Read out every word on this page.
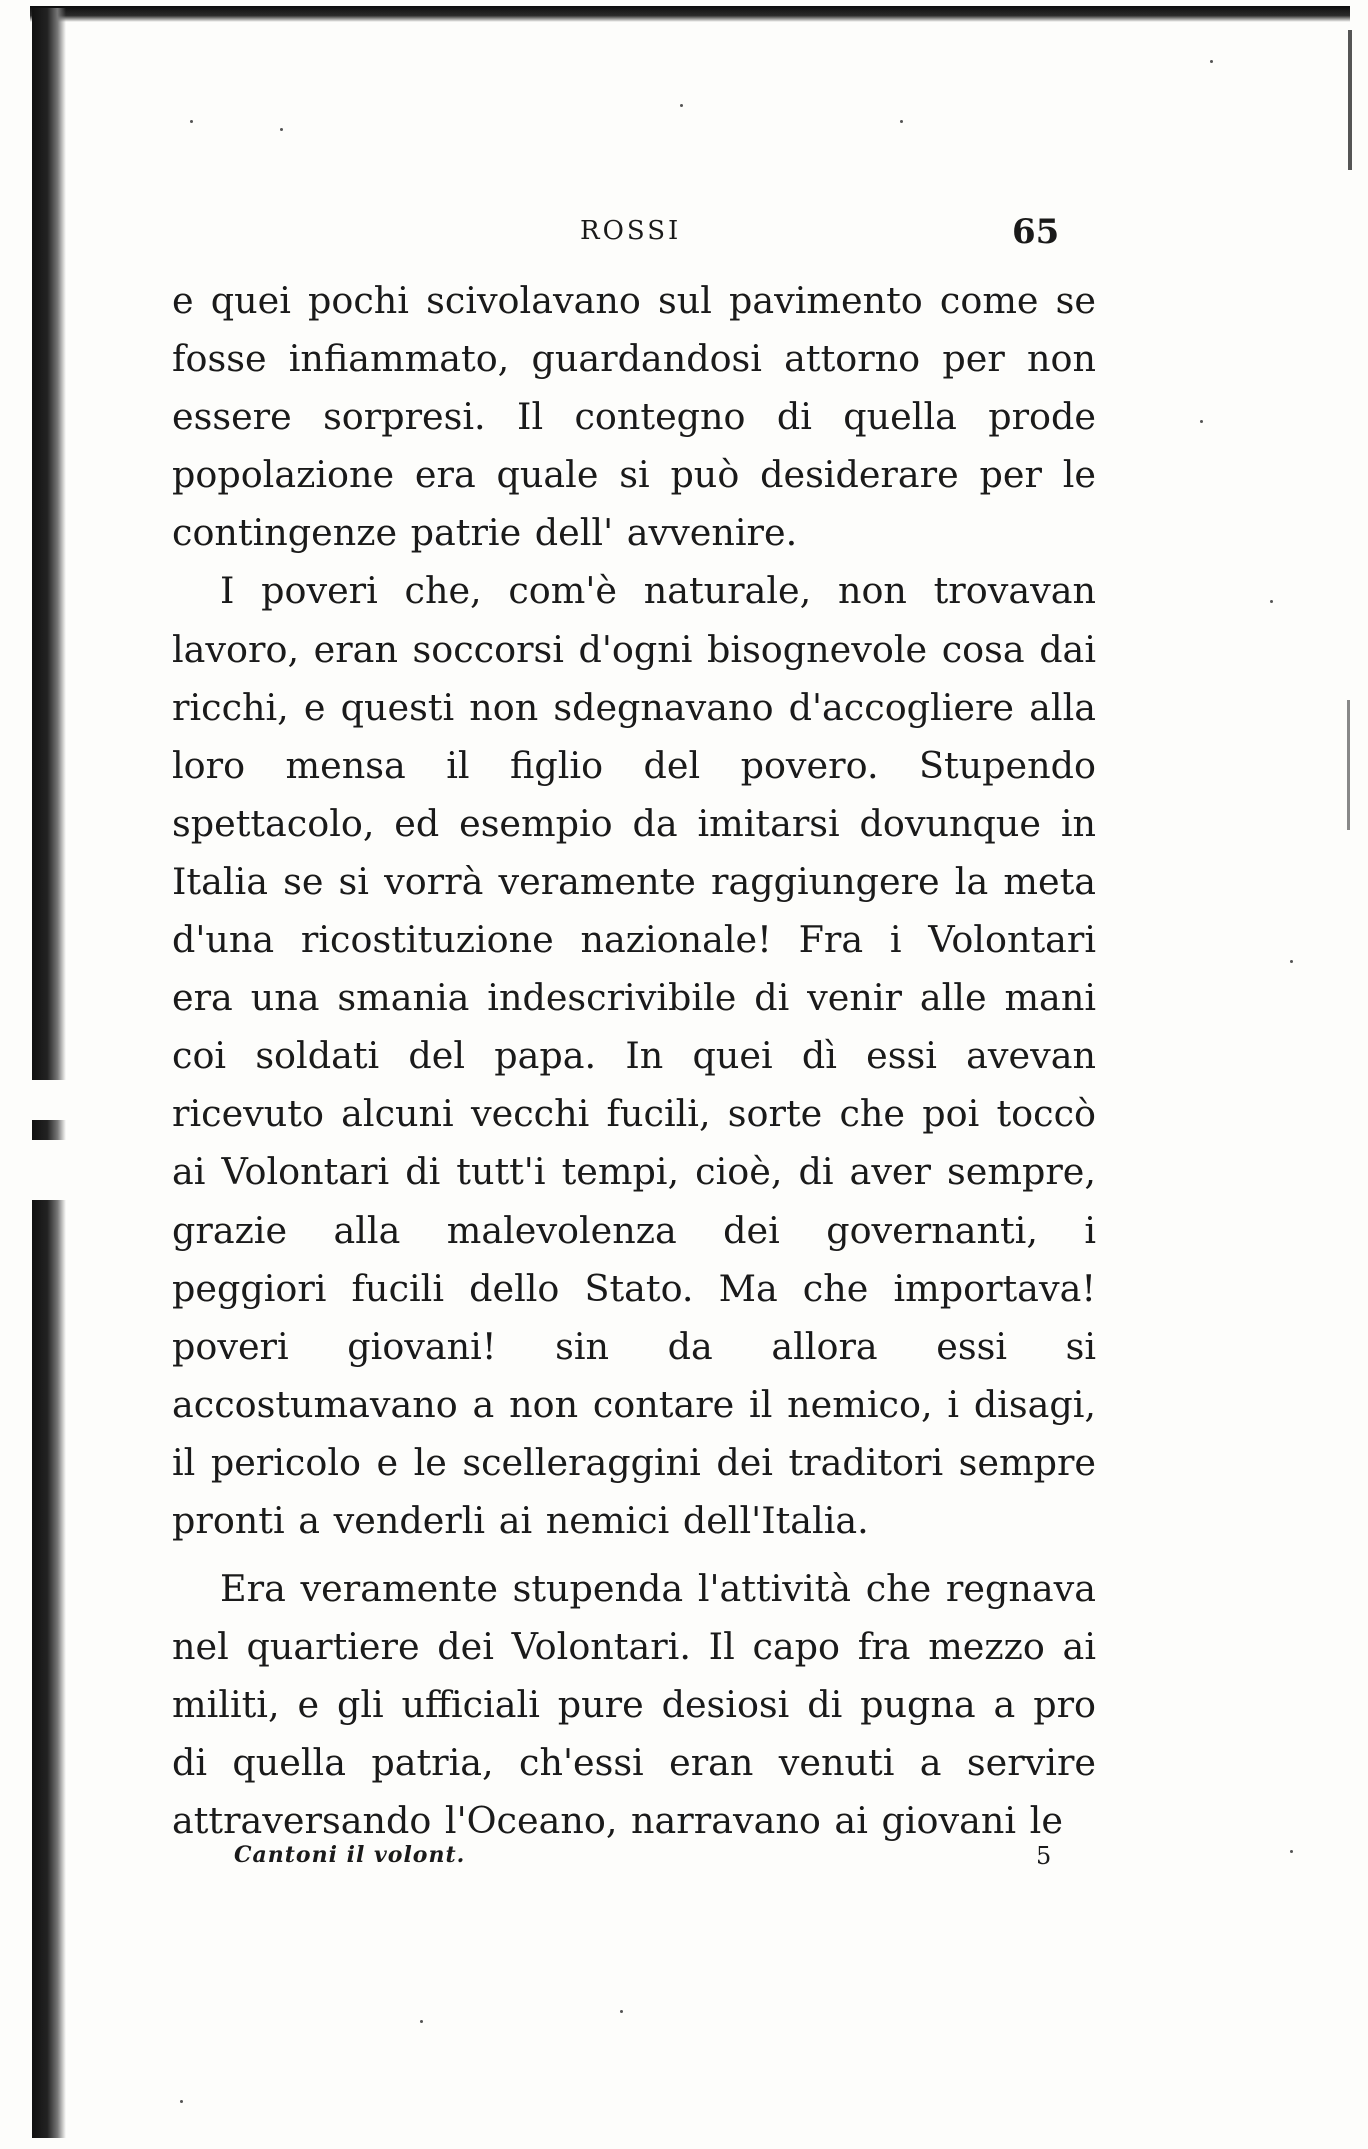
ROSSI	65

e quei pochi scivolavano sul pavimento come se fosse infiammato, guardandosi attorno per non essere sorpresi. Il contegno di quella prode popolazione era quale si può desiderare per le contingenze patrie dell' avvenire.

I poveri che, com'è naturale, non trovavan lavoro, eran soccorsi d'ogni bisognevole cosa dai ricchi, e questi non sdegnavano d'accogliere alla loro mensa il figlio del povero. Stupendo spettacolo, ed esempio da imitarsi dovunque in Italia se si vorrà veramente raggiungere la meta d'una ricostituzione nazionale! Fra i Volontari era una smania indescrivibile di venir alle mani coi soldati del papa. In quei dì essi avevan ricevuto alcuni vecchi fucili, sorte che poi toccò ai Volontari di tutt'i tempi, cioè, di aver sempre, grazie alla malevolenza dei governanti, i peggiori fucili dello Stato. Ma che importava! poveri giovani! sin da allora essi si accostumavano a non contare il nemico, i disagi, il pericolo e le scelleraggini dei traditori sempre pronti a venderli ai nemici dell'Italia.

Era veramente stupenda l'attività che regnava nel quartiere dei Volontari. Il capo fra mezzo ai militi, e gli ufficiali pure desiosi di pugna a pro di quella patria, ch'essi eran venuti a servire attraversando l'Oceano, narravano ai giovani le

Cantoni il volont.	5
